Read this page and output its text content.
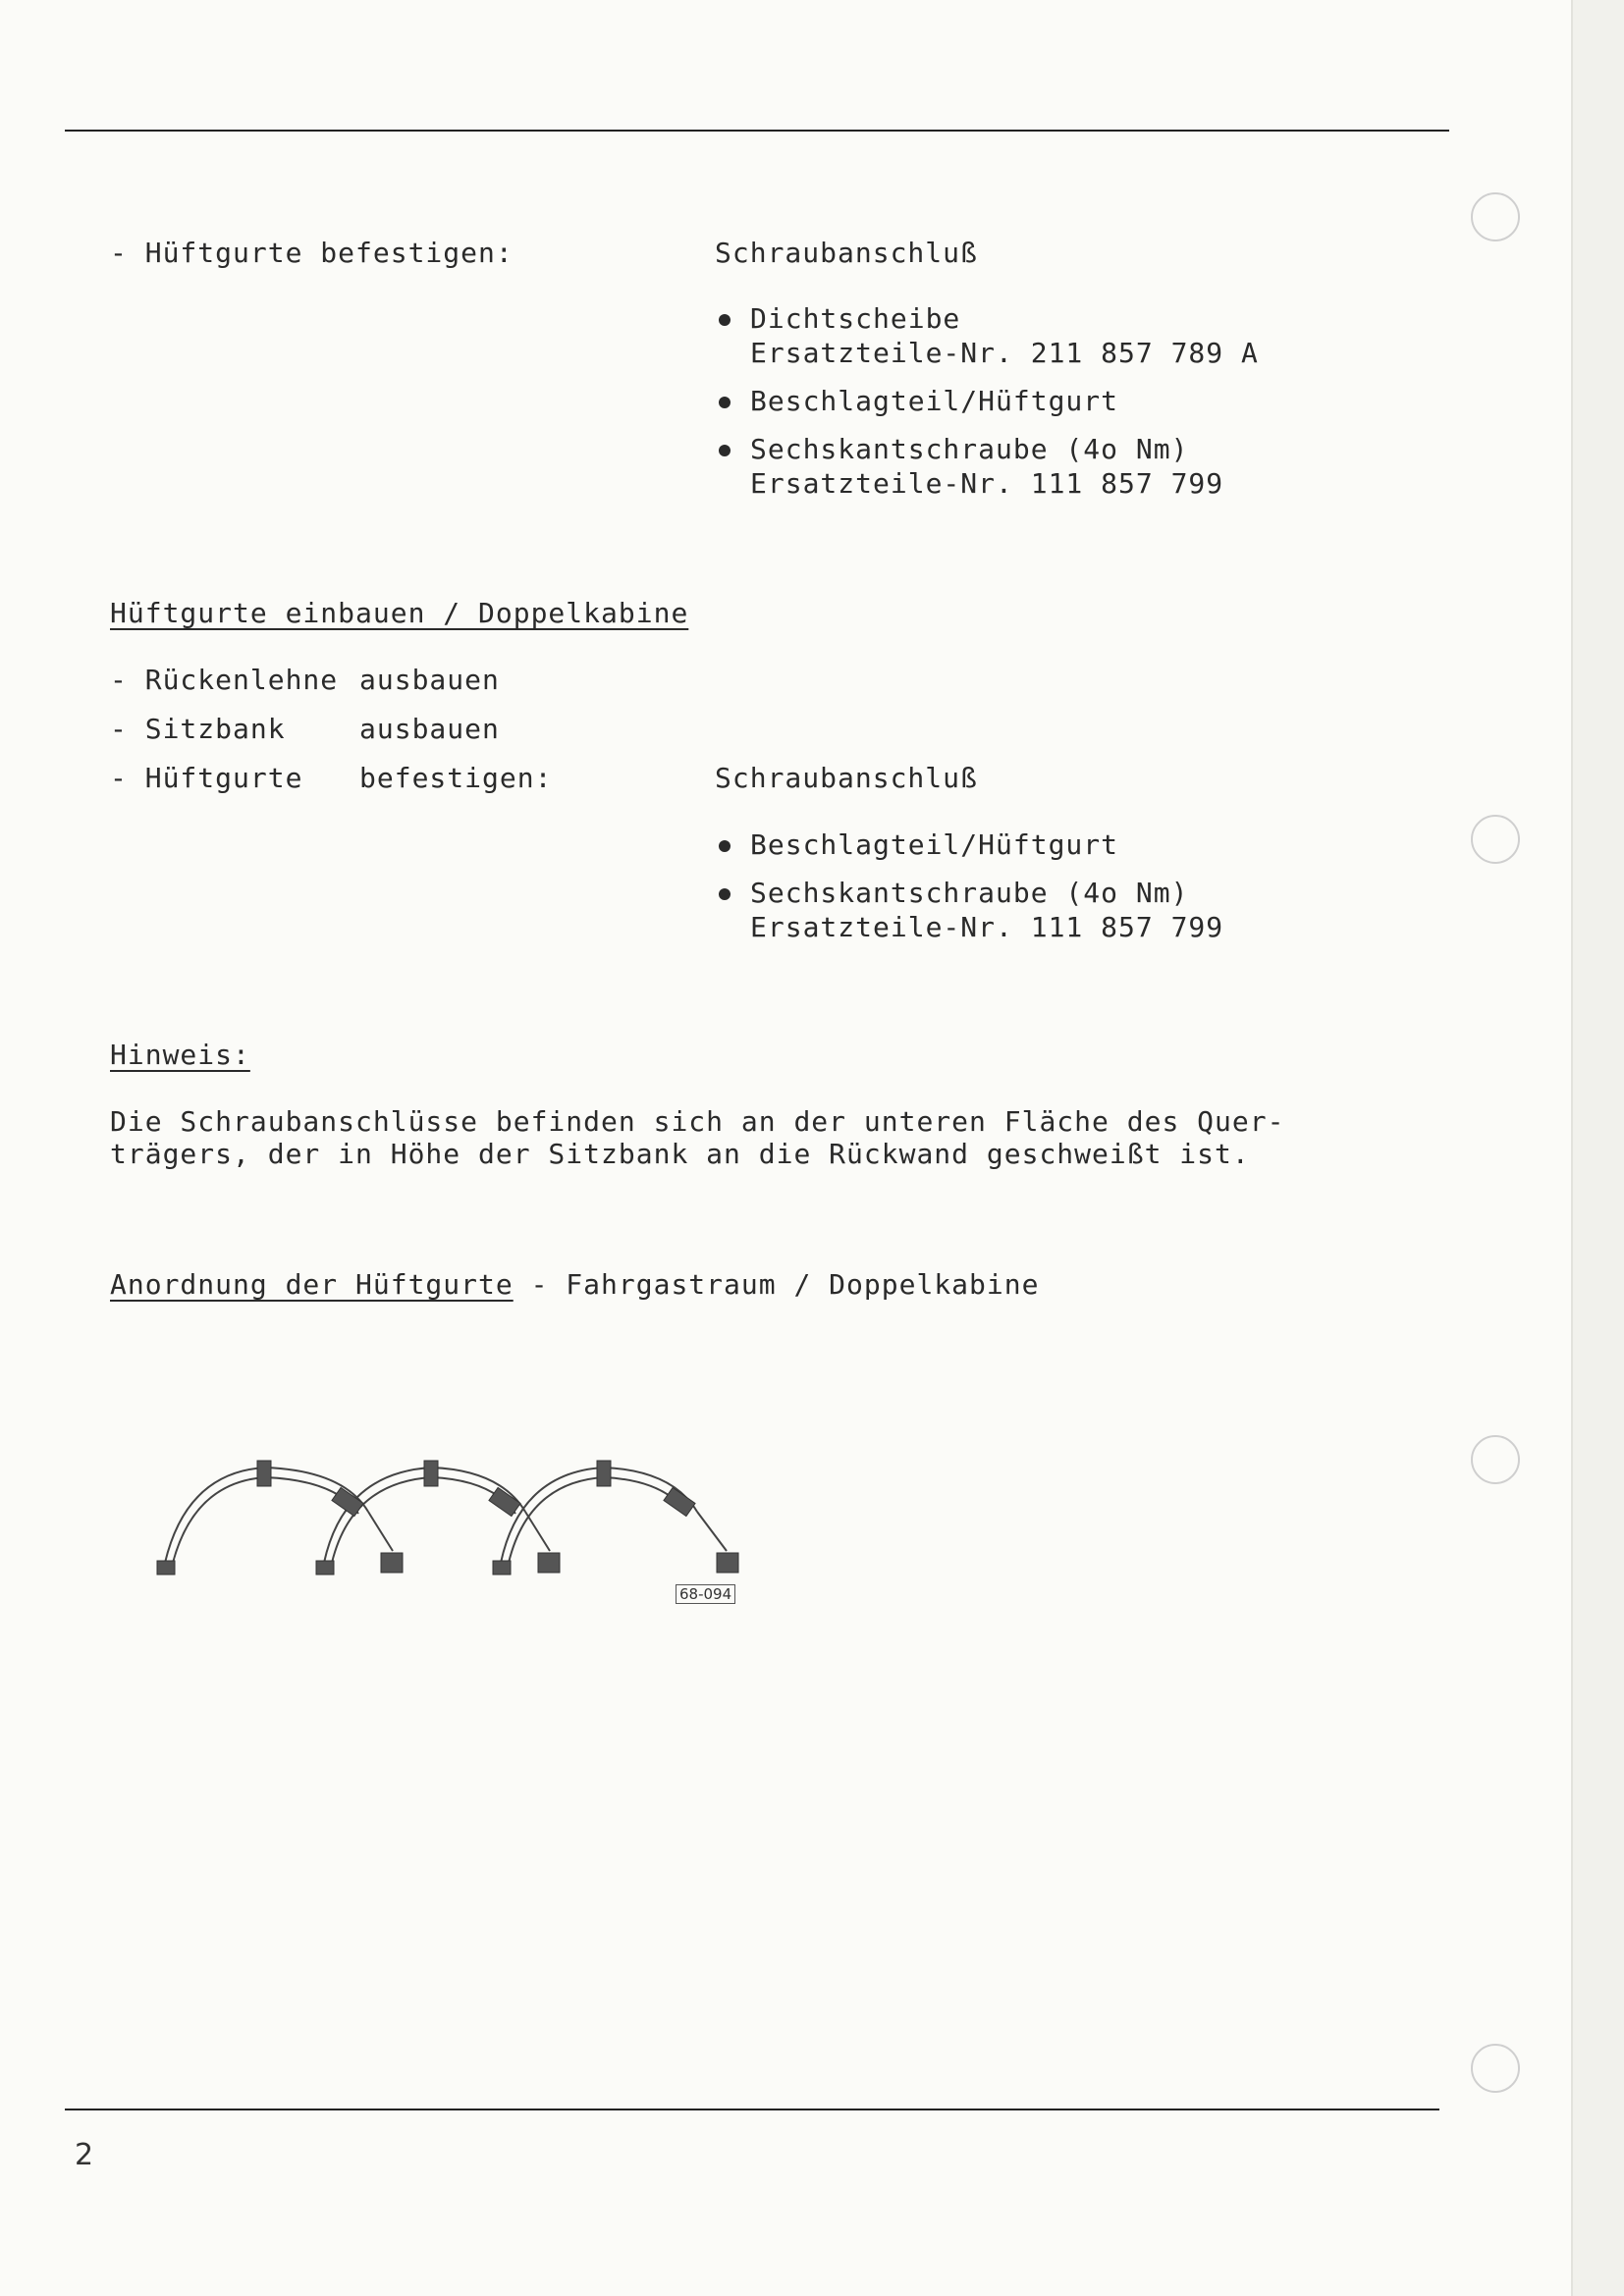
- Hüftgurte befestigen:	Schraubanschluß
Dichtscheibe
Ersatzteile-Nr. 211 857 789 A
Beschlagteil/Hüftgurt
Sechskantschraube (4o Nm)
Ersatzteile-Nr. 111 857 799
Hüftgurte einbauen / Doppelkabine
- Rückenlehne ausbauen
- Sitzbank	ausbauen
- Hüftgurte befestigen:	Schraubanschluß
Beschlagteil/Hüftgurt
Sechskantschraube (4o Nm)
Ersatzteile-Nr. 111 857 799
Hinweis:
Die Schraubanschlüsse befinden sich an der unteren Fläche des Quer-
trägers, der in Höhe der Sitzbank an die Rückwand geschweißt ist.
Anordnung der Hüftgurte - Fahrgastraum / Doppelkabine
68-094
2
